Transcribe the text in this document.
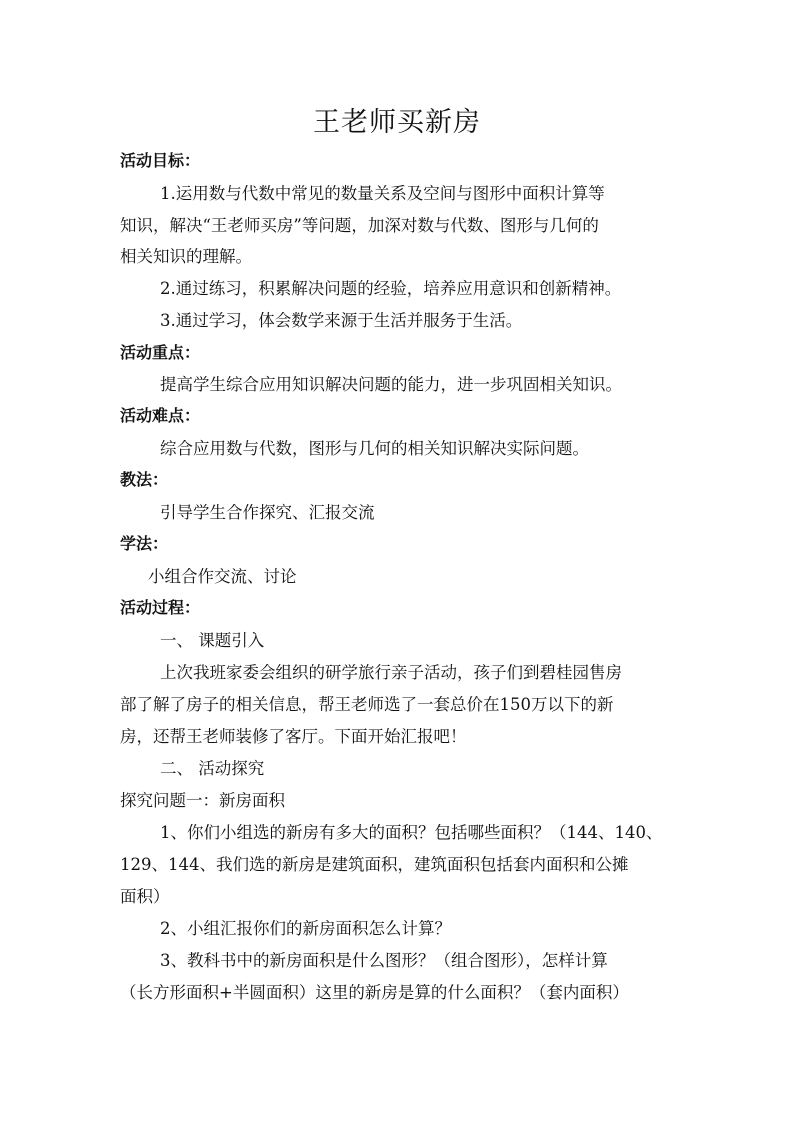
王老师买新房
活动目标：
1.运用数与代数中常见的数量关系及空间与图形中面积计算等
知识，解决“王老师买房”等问题，加深对数与代数、图形与几何的
相关知识的理解。
2.通过练习，积累解决问题的经验，培养应用意识和创新精神。
3.通过学习，体会数学来源于生活并服务于生活。
活动重点：
提高学生综合应用知识解决问题的能力，进一步巩固相关知识。
活动难点：
综合应用数与代数，图形与几何的相关知识解决实际问题。
教法：
引导学生合作探究、汇报交流
学法：
小组合作交流、讨论
活动过程：
一、 课题引入
上次我班家委会组织的研学旅行亲子活动，孩子们到碧桂园售房
部了解了房子的相关信息，帮王老师选了一套总价在150万以下的新
房，还帮王老师装修了客厅。下面开始汇报吧！
二、 活动探究
探究问题一：新房面积
1、你们小组选的新房有多大的面积？包括哪些面积？（144、140、
129、144、我们选的新房是建筑面积，建筑面积包括套内面积和公摊
面积）
2、小组汇报你们的新房面积怎么计算？
3、教科书中的新房面积是什么图形？（组合图形），怎样计算
（长方形面积+半圆面积）这里的新房是算的什么面积？（套内面积）
